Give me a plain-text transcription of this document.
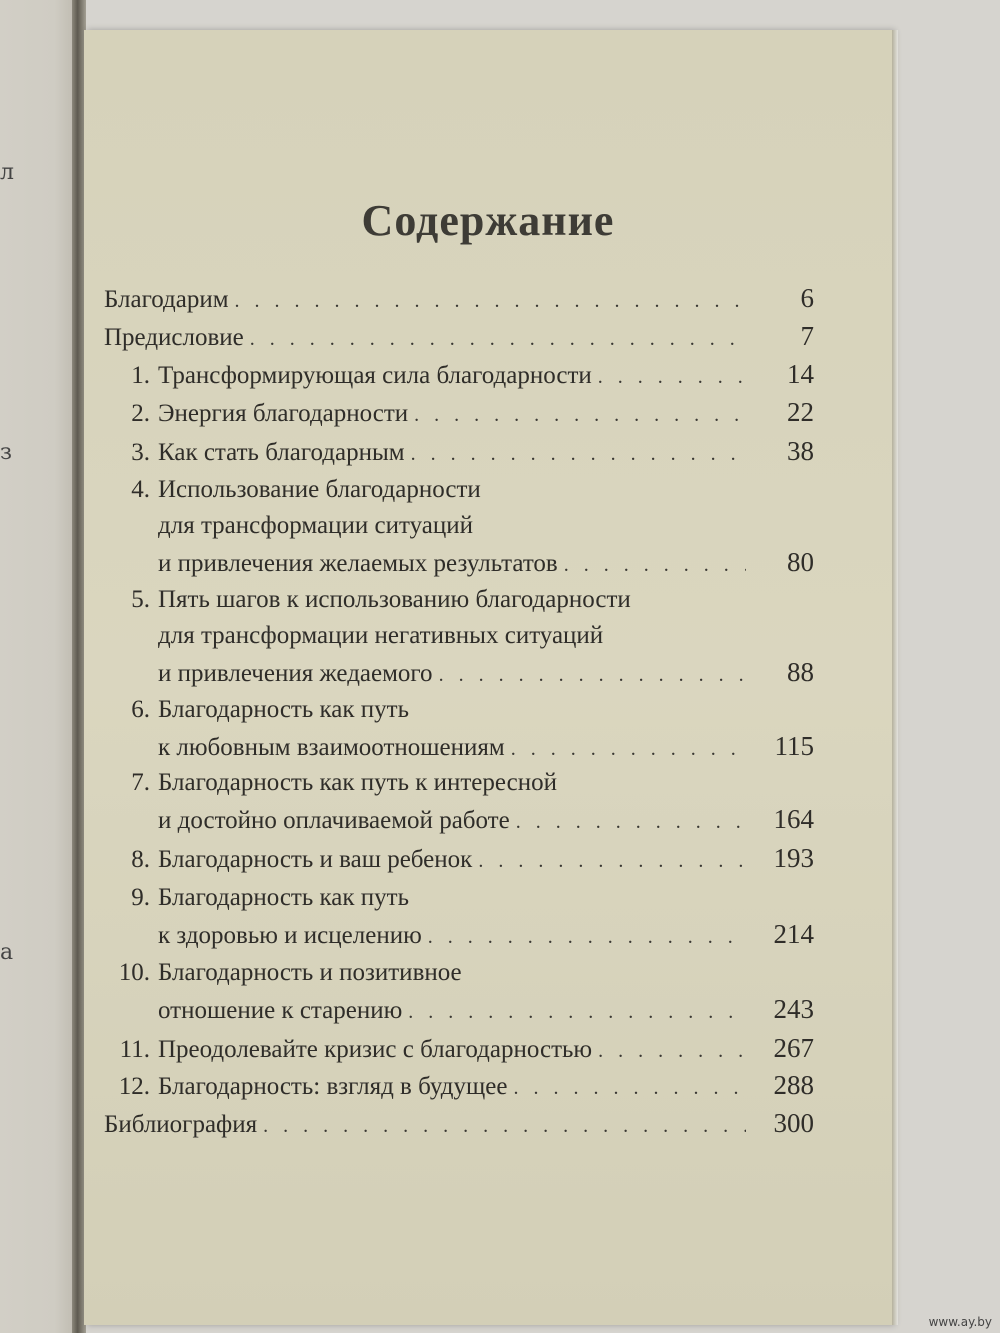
л
з
а
Содержание
Благодарим . . .	6
Предисловие . . .	7
1. Трансформирующая сила благодарности . . .	14
2. Энергия благодарности . . .	22
3. Как стать благодарным . . .	38
4. Использование благодарности
для трансформации ситуаций
и привлечения желаемых результатов . . .	80
5. Пять шагов к использованию благодарности
для трансформации негативных ситуаций
и привлечения жедаемого . . .	88
6. Благодарность как путь
к любовным взаимоотношениям . . .	115
7. Благодарность как путь к интересной
и достойно оплачиваемой работе . . .	164
8. Благодарность и ваш ребенок . . .	193
9. Благодарность как путь
к здоровью и исцелению . . .	214
10. Благодарность и позитивное
отношение к старению . . .	243
11. Преодолевайте кризис с благодарностью . . .	267
12. Благодарность: взгляд в будущее . . .	288
Библиография . . .	300
www.ay.by
